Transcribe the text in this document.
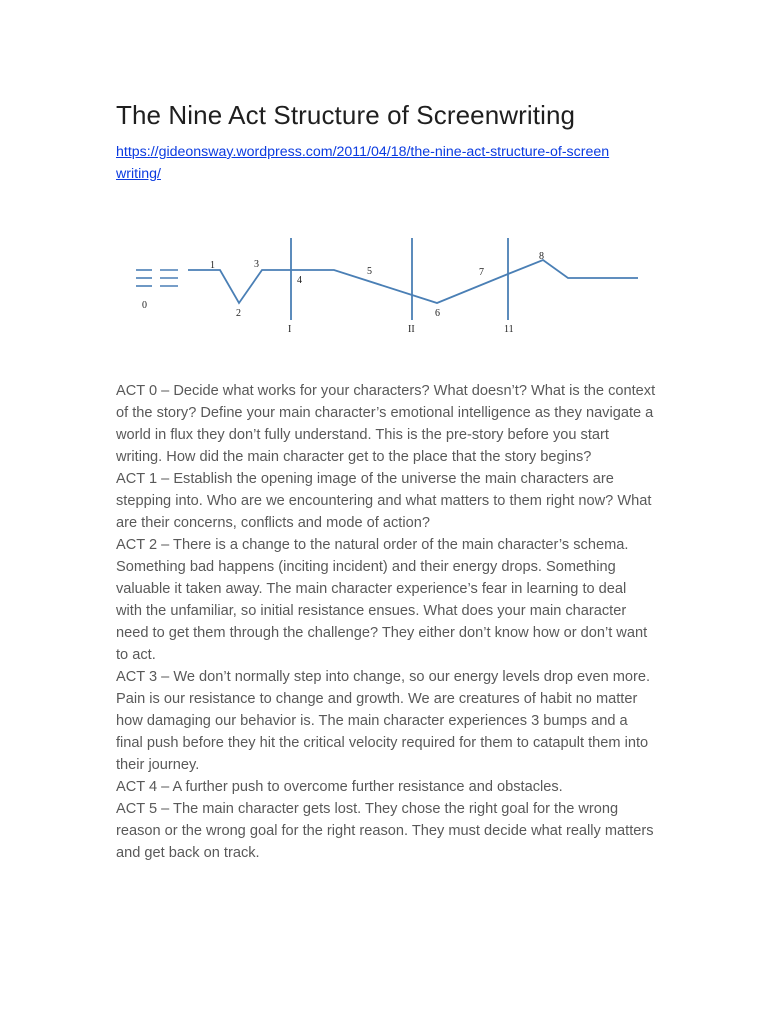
The Nine Act Structure of Screenwriting
https://gideonsway.wordpress.com/2011/04/18/the-nine-act-structure-of-screenwriting/
0
1
2
3
4
5
6
7
8
I	II	11

ACT 0 – Decide what works for your characters? What doesn’t? What is the context of the story? Define your main character’s emotional intelligence as they navigate a world in flux they don’t fully understand. This is the pre-story before you start writing. How did the main character get to the place that the story begins?

ACT 1 – Establish the opening image of the universe the main characters are stepping into. Who are we encountering and what matters to them right now? What are their concerns, conflicts and mode of action?

ACT 2 – There is a change to the natural order of the main character’s schema. Something bad happens (inciting incident) and their energy drops. Something valuable it taken away. The main character experience’s fear in learning to deal with the unfamiliar, so initial resistance ensues. What does your main character need to get them through the challenge? They either don’t know how or don’t want to act.

ACT 3 – We don’t normally step into change, so our energy levels drop even more. Pain is our resistance to change and growth. We are creatures of habit no matter how damaging our behavior is. The main character experiences 3 bumps and a final push before they hit the critical velocity required for them to catapult them into their journey.

ACT 4 – A further push to overcome further resistance and obstacles.

ACT 5 – The main character gets lost. They chose the right goal for the wrong reason or the wrong goal for the right reason. They must decide what really matters and get back on track.
